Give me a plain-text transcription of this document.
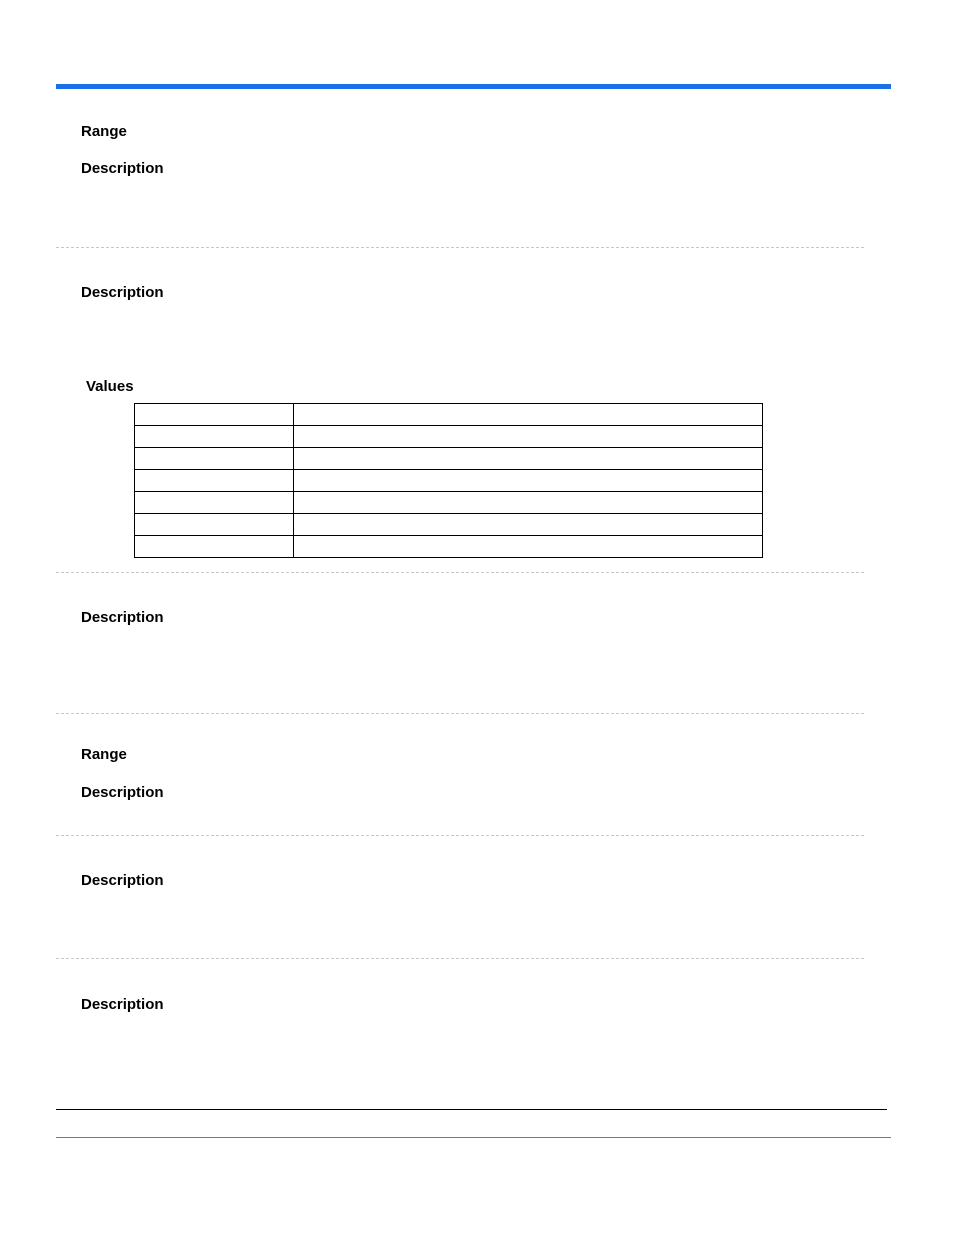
Range
Description
Description
Values

Description
Range
Description
Description
Description
